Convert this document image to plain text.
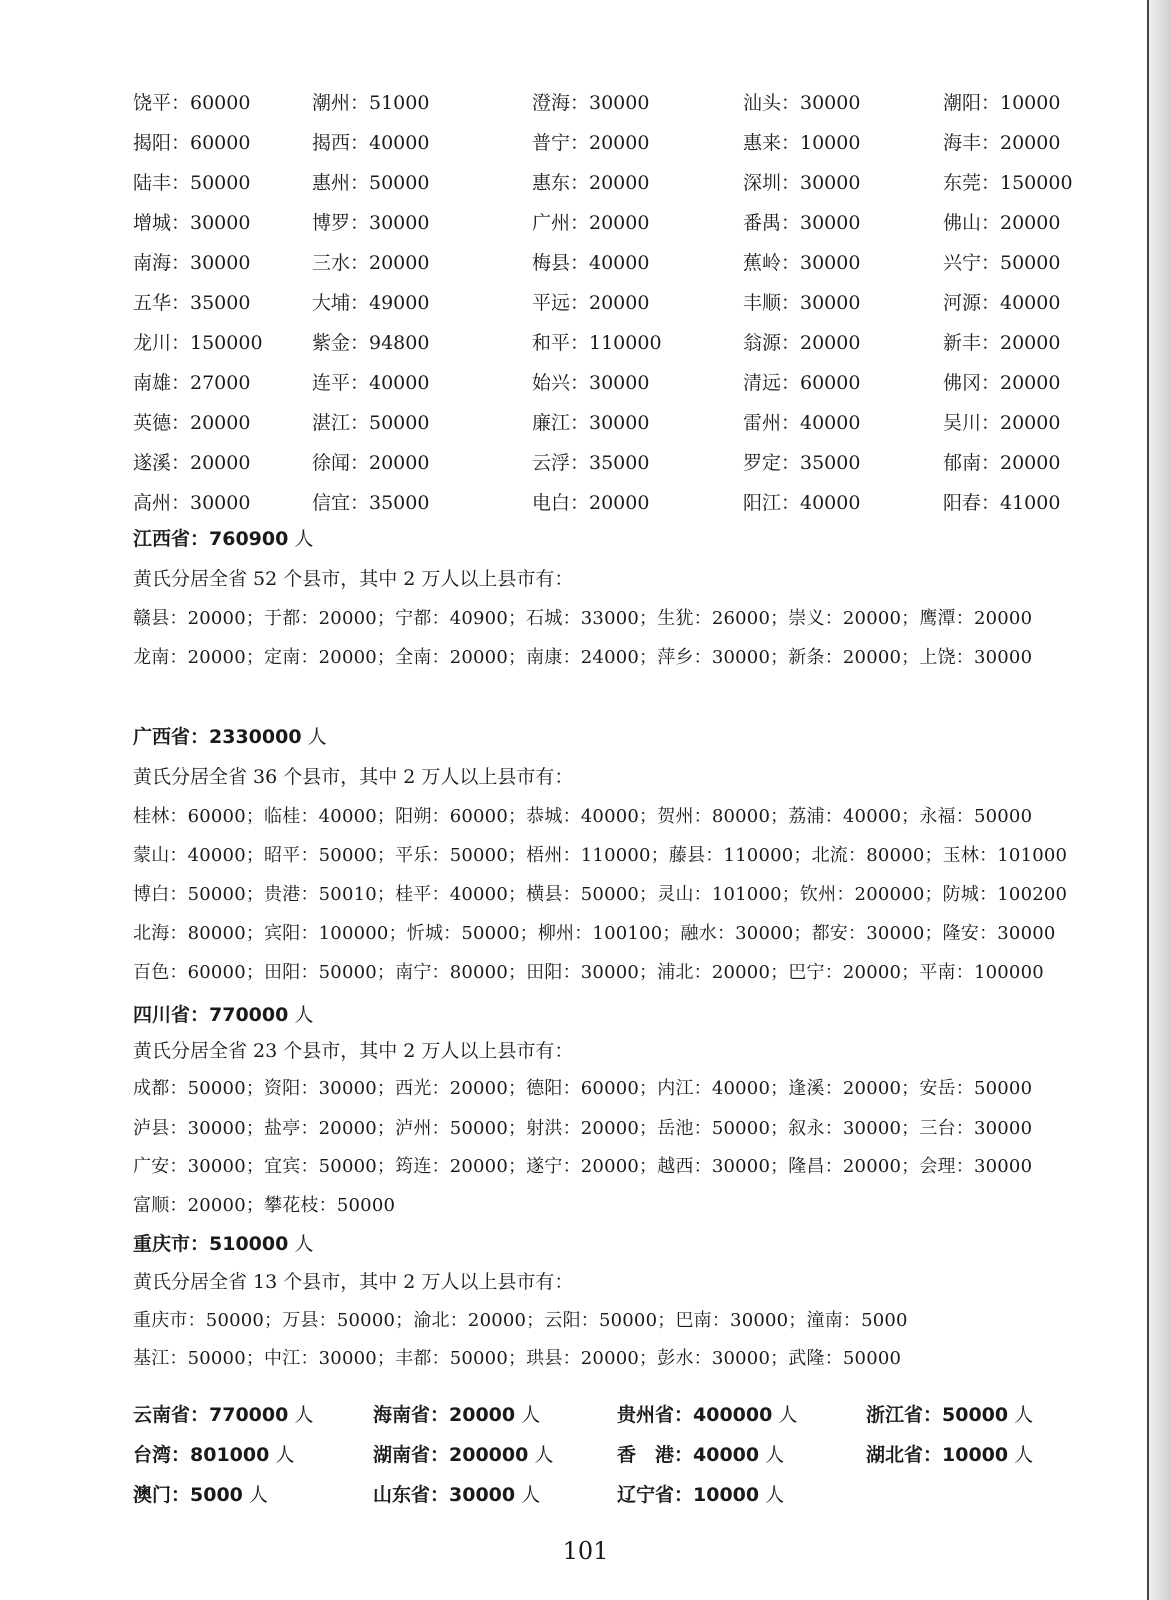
饶平：60000	潮州：51000	澄海：30000	汕头：30000	潮阳：10000
揭阳：60000	揭西：40000	普宁：20000	惠来：10000	海丰：20000
陆丰：50000	惠州：50000	惠东：20000	深圳：30000	东莞：150000
增城：30000	博罗：30000	广州：20000	番禺：30000	佛山：20000
南海：30000	三水：20000	梅县：40000	蕉岭：30000	兴宁：50000
五华：35000	大埔：49000	平远：20000	丰顺：30000	河源：40000
龙川：150000	紫金：94800	和平：110000	翁源：20000	新丰：20000
南雄：27000	连平：40000	始兴：30000	清远：60000	佛冈：20000
英德：20000	湛江：50000	廉江：30000	雷州：40000	吴川：20000
遂溪：20000	徐闻：20000	云浮：35000	罗定：35000	郁南：20000
高州：30000	信宜：35000	电白：20000	阳江：40000	阳春：41000
江西省：760900 人
黄氏分居全省 52 个县市，其中 2 万人以上县市有：
赣县：20000；于都：20000；宁都：40900；石城：33000；生犹：26000；崇义：20000；鹰潭：20000
龙南：20000；定南：20000；全南：20000；南康：24000；萍乡：30000；新条：20000；上饶：30000
广西省：2330000 人
黄氏分居全省 36 个县市，其中 2 万人以上县市有：
桂林：60000；临桂：40000；阳朔：60000；恭城：40000；贺州：80000；荔浦：40000；永福：50000
蒙山：40000；昭平：50000；平乐：50000；梧州：110000；藤县：110000；北流：80000；玉林：101000
博白：50000；贵港：50010；桂平：40000；横县：50000；灵山：101000；钦州：200000；防城：100200
北海：80000；宾阳：100000；忻城：50000；柳州：100100；融水：30000；都安：30000；隆安：30000
百色：60000；田阳：50000；南宁：80000；田阳：30000；浦北：20000；巴宁：20000；平南：100000
四川省：770000 人
黄氏分居全省 23 个县市，其中 2 万人以上县市有：
成都：50000；资阳：30000；西光：20000；德阳：60000；内江：40000；逢溪：20000；安岳：50000
泸县：30000；盐亭：20000；泸州：50000；射洪：20000；岳池：50000；叙永：30000；三台：30000
广安：30000；宜宾：50000；筠连：20000；遂宁：20000；越西：30000；隆昌：20000；会理：30000
富顺：20000；攀花枝：50000
重庆市：510000 人
黄氏分居全省 13 个县市，其中 2 万人以上县市有：
重庆市：50000；万县：50000；渝北：20000；云阳：50000；巴南：30000；潼南：5000
基江：50000；中江：30000；丰都：50000；珙县：20000；彭水：30000；武隆：50000
云南省：770000 人	海南省：20000 人	贵州省：400000 人	浙江省：50000 人
台湾：801000 人	湖南省：200000 人	香　港：40000 人	湖北省：10000 人
澳门：5000 人	山东省：30000 人	辽宁省：10000 人
101
